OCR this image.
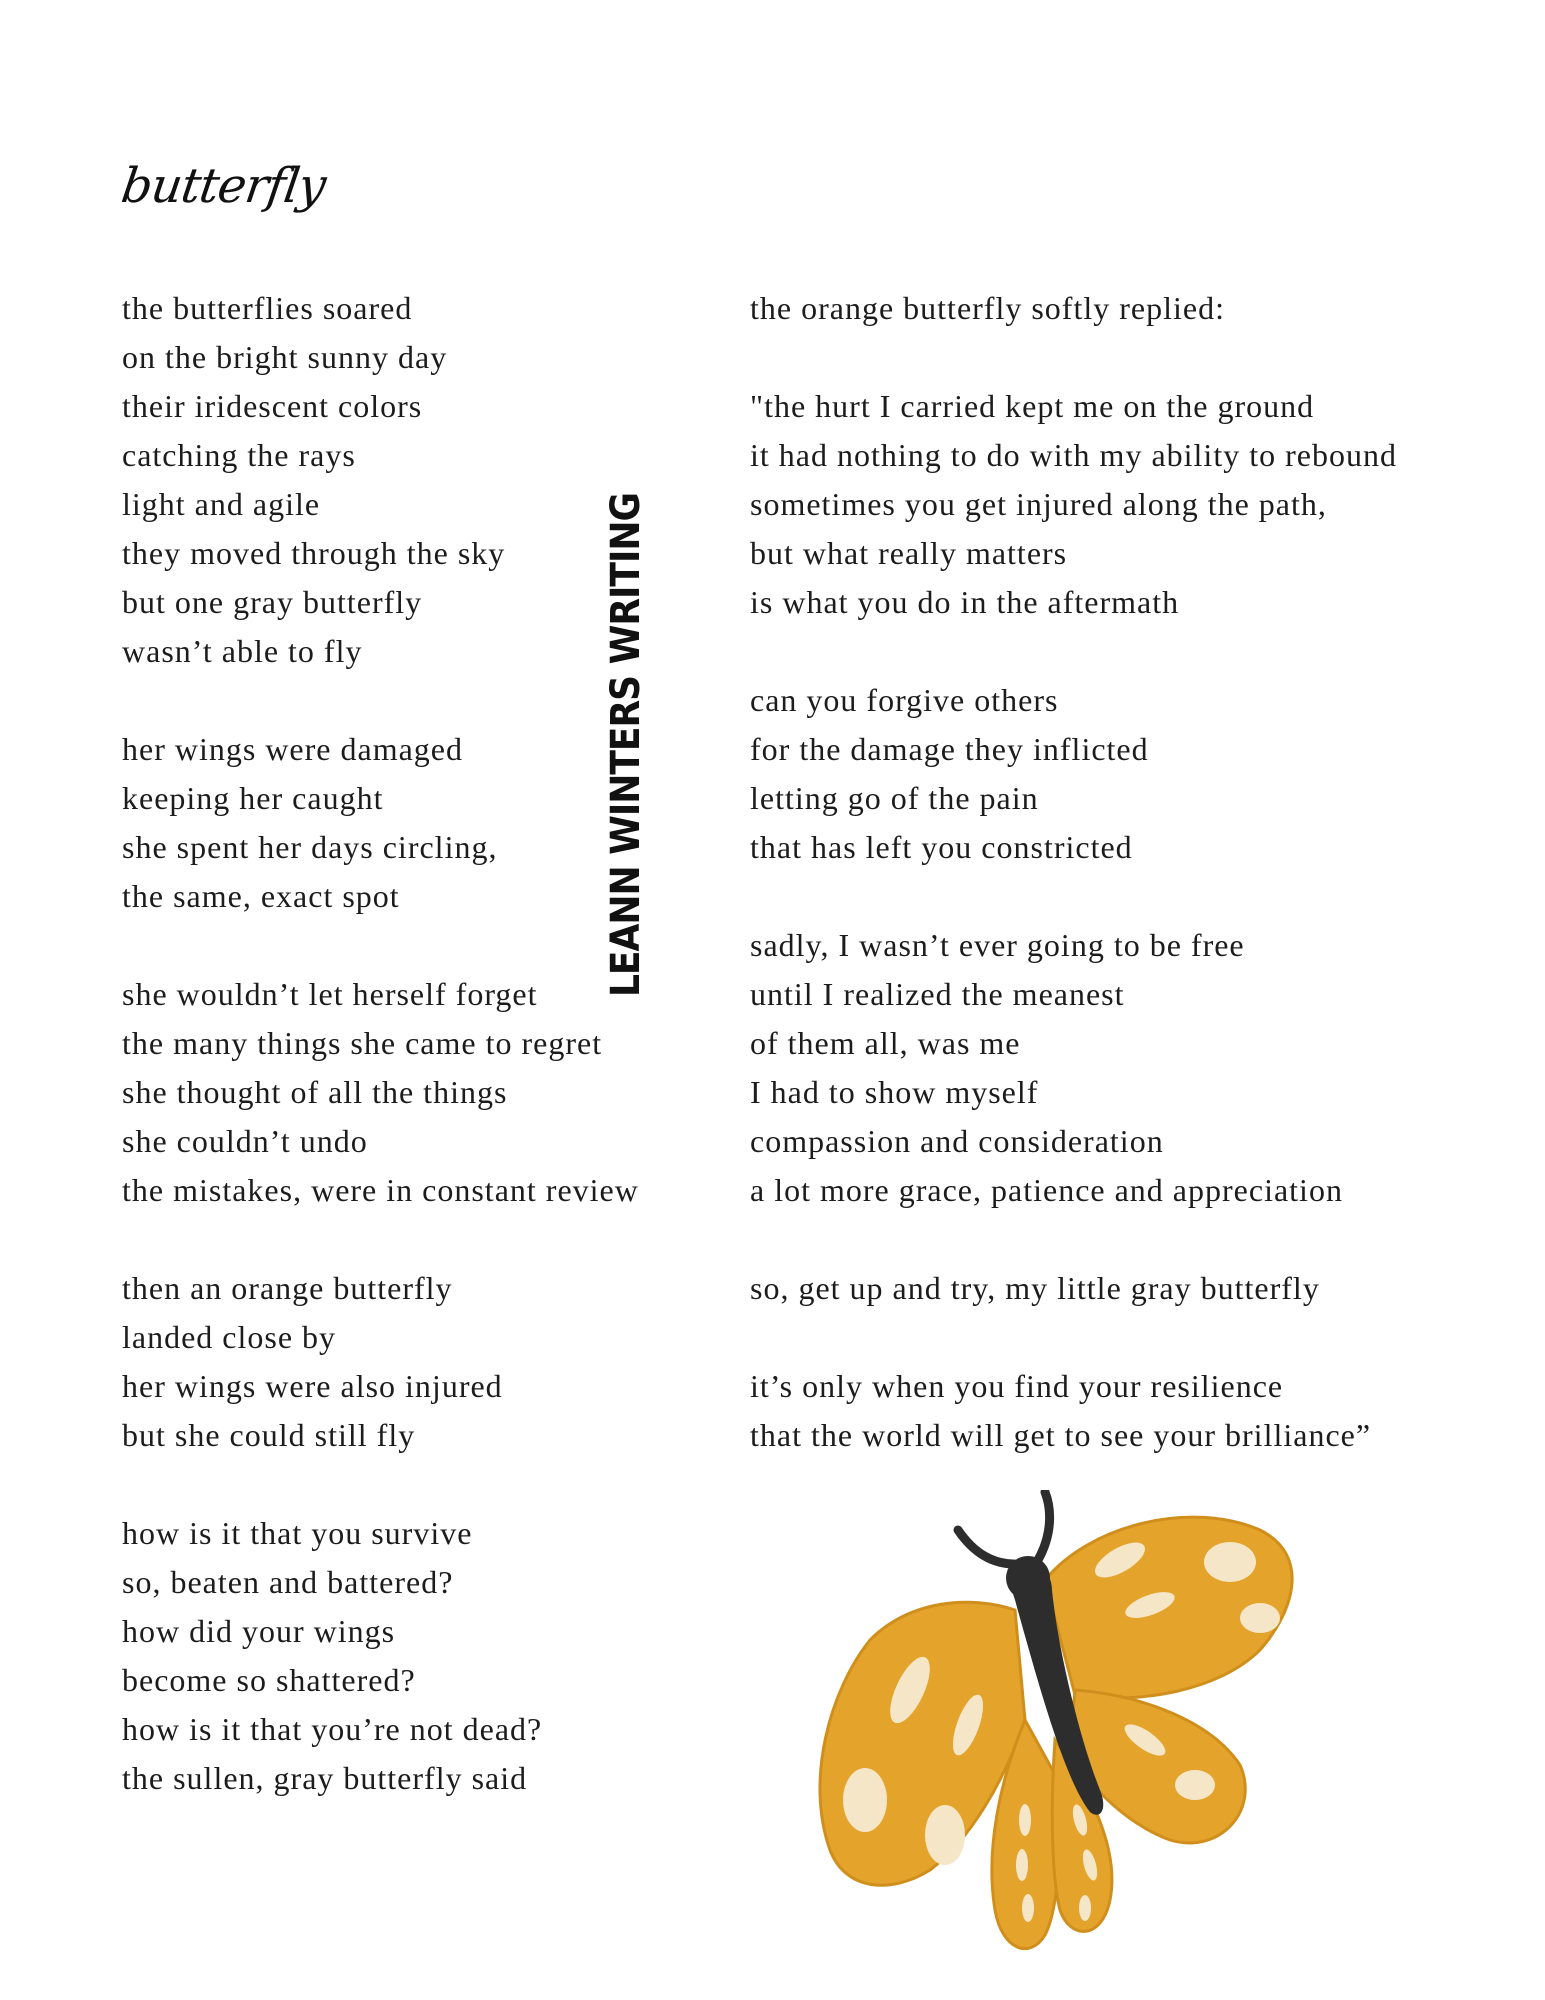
butterfly
the butterflies soared
on the bright sunny day
their iridescent colors
catching the rays
light and agile
they moved through the sky
but one gray butterfly
wasn’t able to fly
her wings were damaged
keeping her caught
she spent her days circling,
the same, exact spot
she wouldn’t let herself forget
the many things she came to regret
she thought of all the things
she couldn’t undo
the mistakes, were in constant review
then an orange butterfly
landed close by
her wings were also injured
but she could still fly
how is it that you survive
so, beaten and battered?
how did your wings
become so shattered?
how is it that you’re not dead?
the sullen, gray butterfly said
LEANN WINTERS WRITING
the orange butterfly softly replied:
"the hurt I carried kept me on the ground
it had nothing to do with my ability to rebound
sometimes you get injured along the path,
but what really matters
is what you do in the aftermath
can you forgive others
for the damage they inflicted
letting go of the pain
that has left you constricted
sadly, I wasn’t ever going to be free
until I realized the meanest
of them all, was me
I had to show myself
compassion and consideration
a lot more grace, patience and appreciation
so, get up and try, my little gray butterfly
it’s only when you find your resilience
that the world will get to see your brilliance”
